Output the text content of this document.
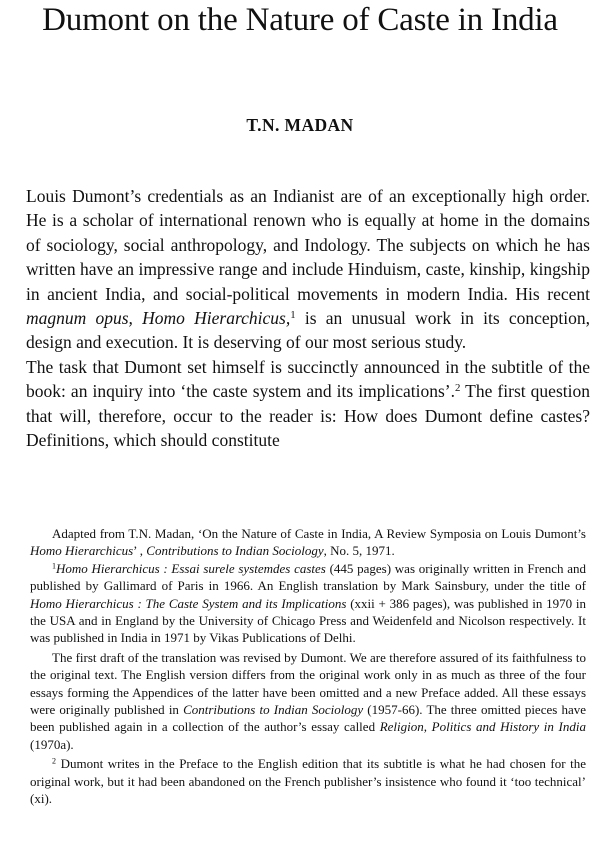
Dumont on the Nature of Caste in India
T.N. MADAN

Louis Dumont’s credentials as an Indianist are of an exceptionally high order. He is a scholar of international renown who is equally at home in the domains of sociology, social anthropology, and Indology. The subjects on which he has written have an impressive range and include Hinduism, caste, kinship, kingship in ancient India, and social-political movements in modern India. His recent magnum opus, Homo Hierarchicus,$^1$ is an unusual work in its conception, design and execution. It is deserving of our most serious study.

The task that Dumont set himself is succinctly announced in the subtitle of the book: an inquiry into ‘the caste system and its implications’.$^2$ The first question that will, therefore, occur to the reader is: How does Dumont define castes? Definitions, which should constitute

Adapted from T.N. Madan, ‘On the Nature of Caste in India, A Review Symposia on Louis Dumont’s Homo Hierarchicus’ , Contributions to Indian Sociology, No. 5, 1971.

$^1$Homo Hierarchicus : Essai surele systemdes castes (445 pages) was originally written in French and published by Gallimard of Paris in 1966. An English translation by Mark Sainsbury, under the title of Homo Hierarchicus : The Caste System and its Implications (xxii + 386 pages), was published in 1970 in the USA and in England by the University of Chicago Press and Weidenfeld and Nicolson respectively. It was published in India in 1971 by Vikas Publications of Delhi.

The first draft of the translation was revised by Dumont. We are therefore assured of its faithfulness to the original text. The English version differs from the original work only in as much as three of the four essays forming the Appendices of the latter have been omitted and a new Preface added. All these essays were originally published in Contributions to Indian Sociology (1957-66). The three omitted pieces have been published again in a collection of the author’s essay called Religion, Politics and History in India (1970a).

$^2$ Dumont writes in the Preface to the English edition that its subtitle is what he had chosen for the original work, but it had been abandoned on the French publisher’s insistence who found it ‘too technical’ (xi).
